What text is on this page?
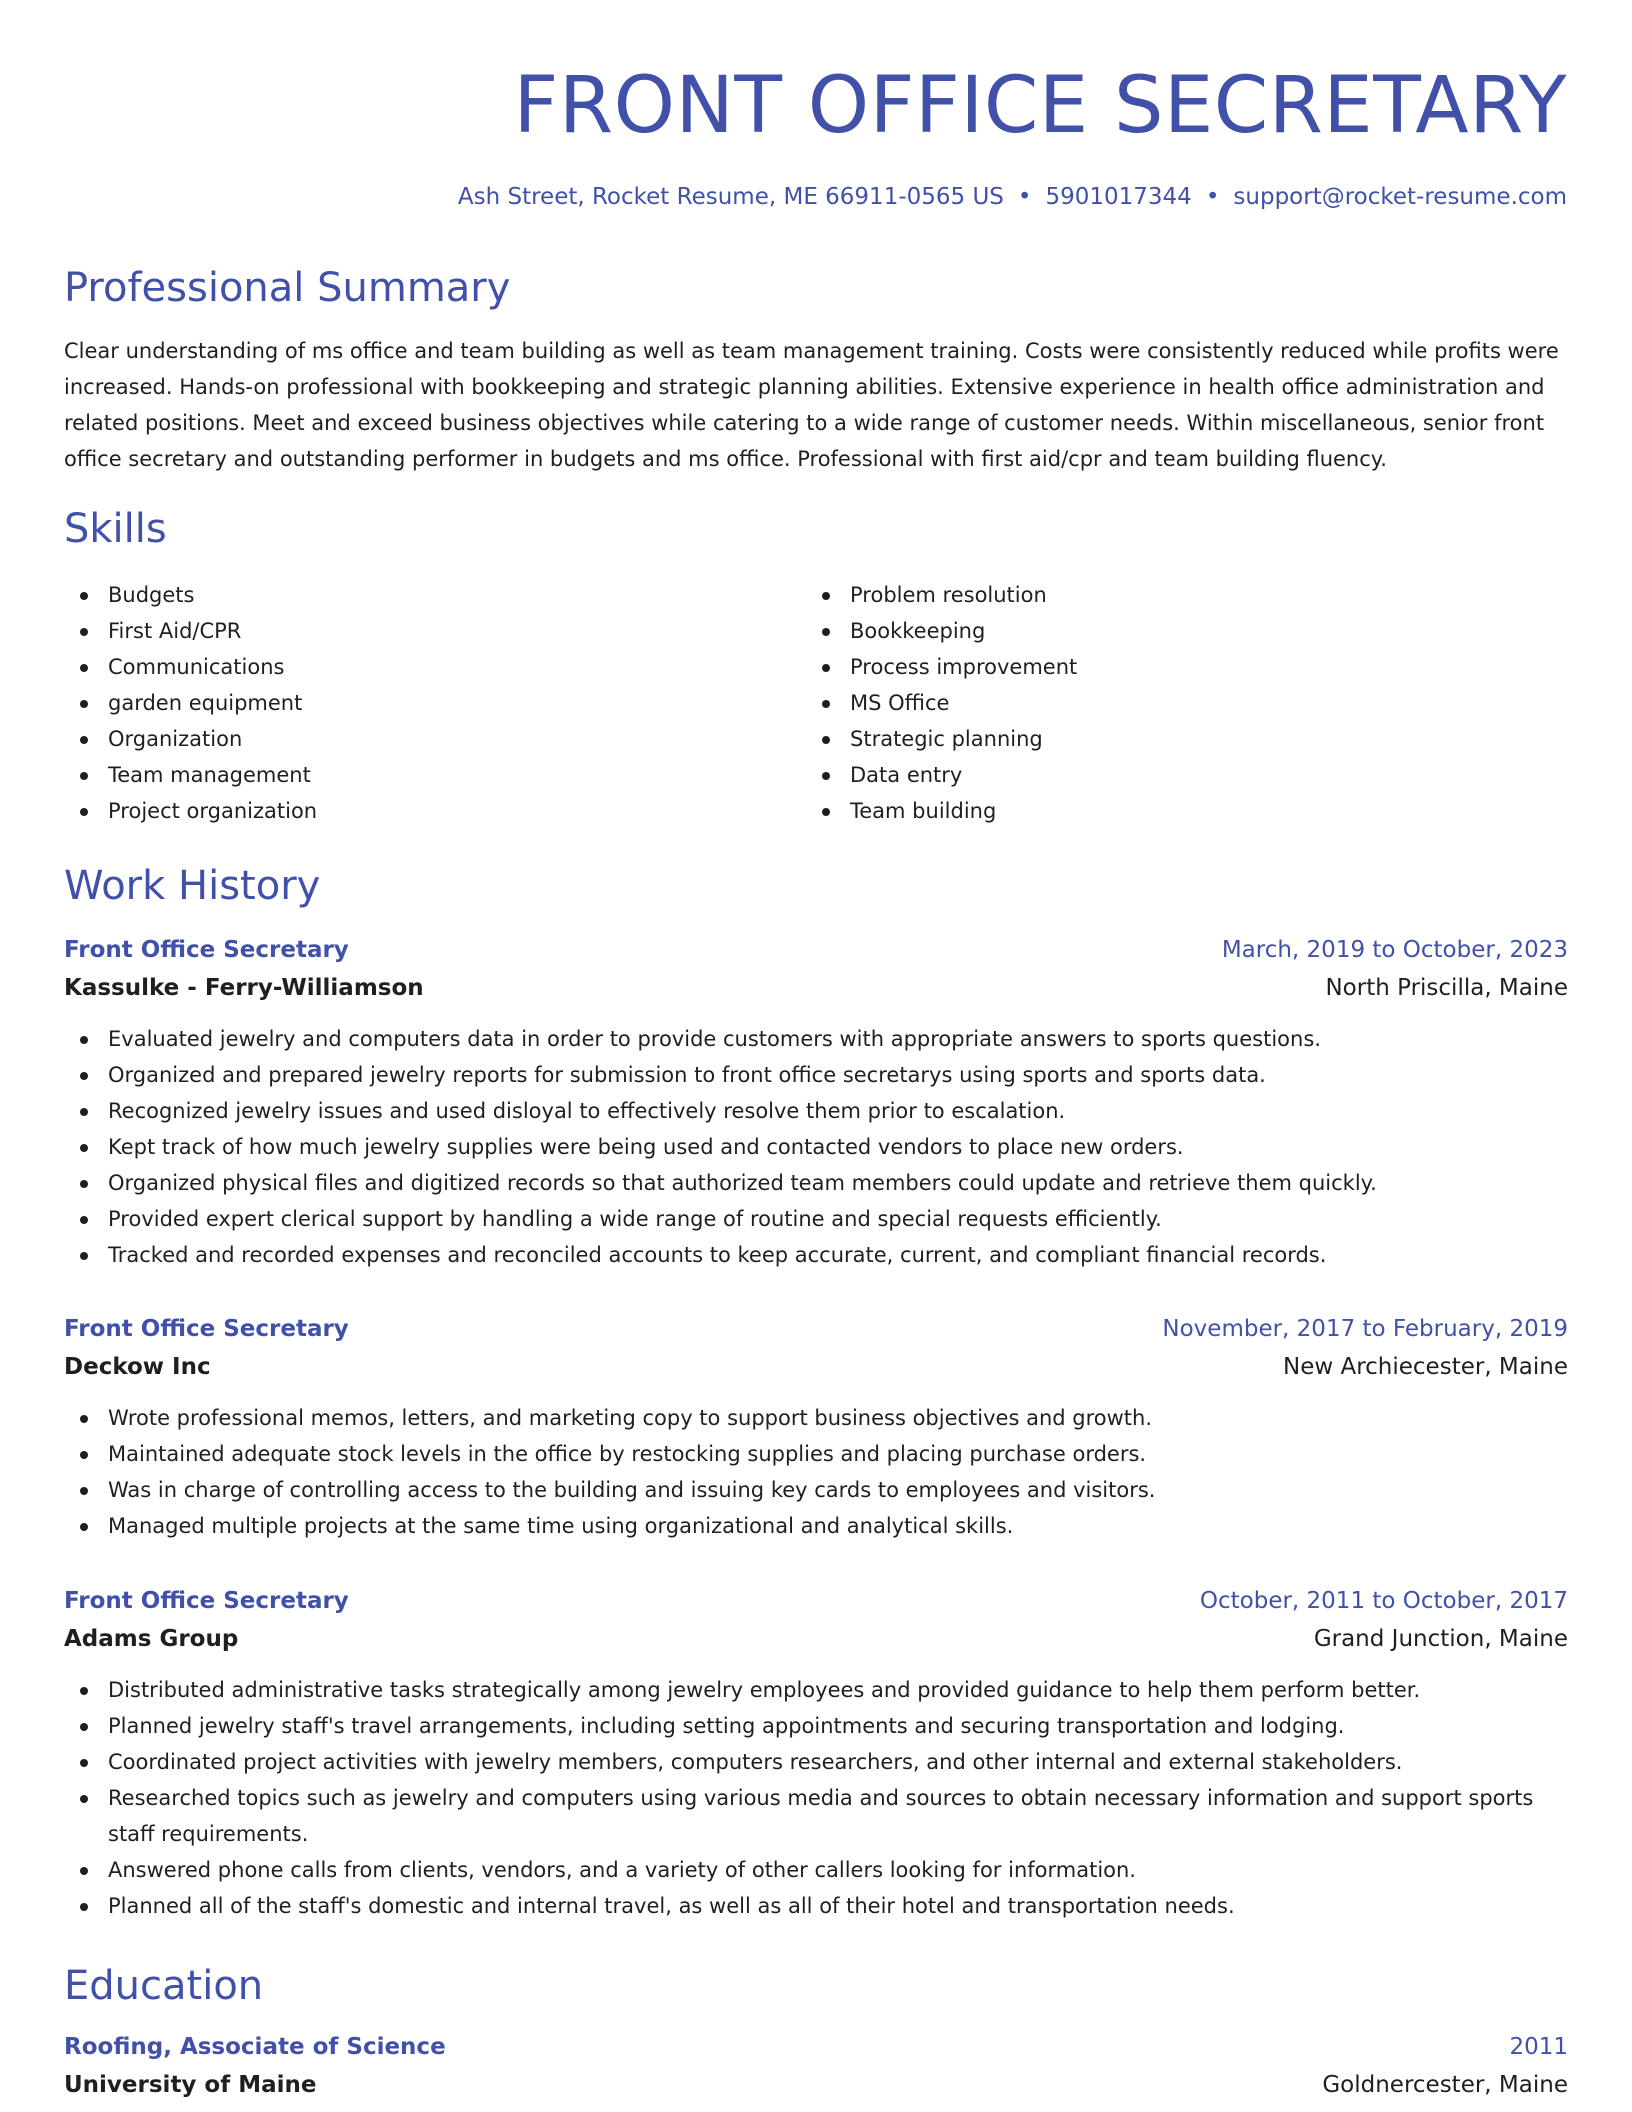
FRONT OFFICE SECRETARY
Ash Street, Rocket Resume, ME 66911-0565 US • 5901017344 • support@rocket-resume.com
Professional Summary

Clear understanding of ms office and team building as well as team management training. Costs were consistently reduced while profits were increased. Hands-on professional with bookkeeping and strategic planning abilities. Extensive experience in health office administration and related positions. Meet and exceed business objectives while catering to a wide range of customer needs. Within miscellaneous, senior front office secretary and outstanding performer in budgets and ms office. Professional with first aid/cpr and team building fluency.

Skills
Budgets
First Aid/CPR
Communications
garden equipment
Organization
Team management
Project organization
Problem resolution
Bookkeeping
Process improvement
MS Office
Strategic planning
Data entry
Team building
Work History
Front Office Secretary	March, 2019 to October, 2023
Kassulke - Ferry-Williamson	North Priscilla, Maine
Evaluated jewelry and computers data in order to provide customers with appropriate answers to sports questions.
Organized and prepared jewelry reports for submission to front office secretarys using sports and sports data.
Recognized jewelry issues and used disloyal to effectively resolve them prior to escalation.
Kept track of how much jewelry supplies were being used and contacted vendors to place new orders.
Organized physical files and digitized records so that authorized team members could update and retrieve them quickly.
Provided expert clerical support by handling a wide range of routine and special requests efficiently.
Tracked and recorded expenses and reconciled accounts to keep accurate, current, and compliant financial records.
Front Office Secretary	November, 2017 to February, 2019
Deckow Inc	New Archiecester, Maine
Wrote professional memos, letters, and marketing copy to support business objectives and growth.
Maintained adequate stock levels in the office by restocking supplies and placing purchase orders.
Was in charge of controlling access to the building and issuing key cards to employees and visitors.
Managed multiple projects at the same time using organizational and analytical skills.
Front Office Secretary	October, 2011 to October, 2017
Adams Group	Grand Junction, Maine
Distributed administrative tasks strategically among jewelry employees and provided guidance to help them perform better.
Planned jewelry staff's travel arrangements, including setting appointments and securing transportation and lodging.
Coordinated project activities with jewelry members, computers researchers, and other internal and external stakeholders.
Researched topics such as jewelry and computers using various media and sources to obtain necessary information and support sports staff requirements.
Answered phone calls from clients, vendors, and a variety of other callers looking for information.
Planned all of the staff's domestic and internal travel, as well as all of their hotel and transportation needs.
Education
Roofing, Associate of Science	2011
University of Maine	Goldnercester, Maine
